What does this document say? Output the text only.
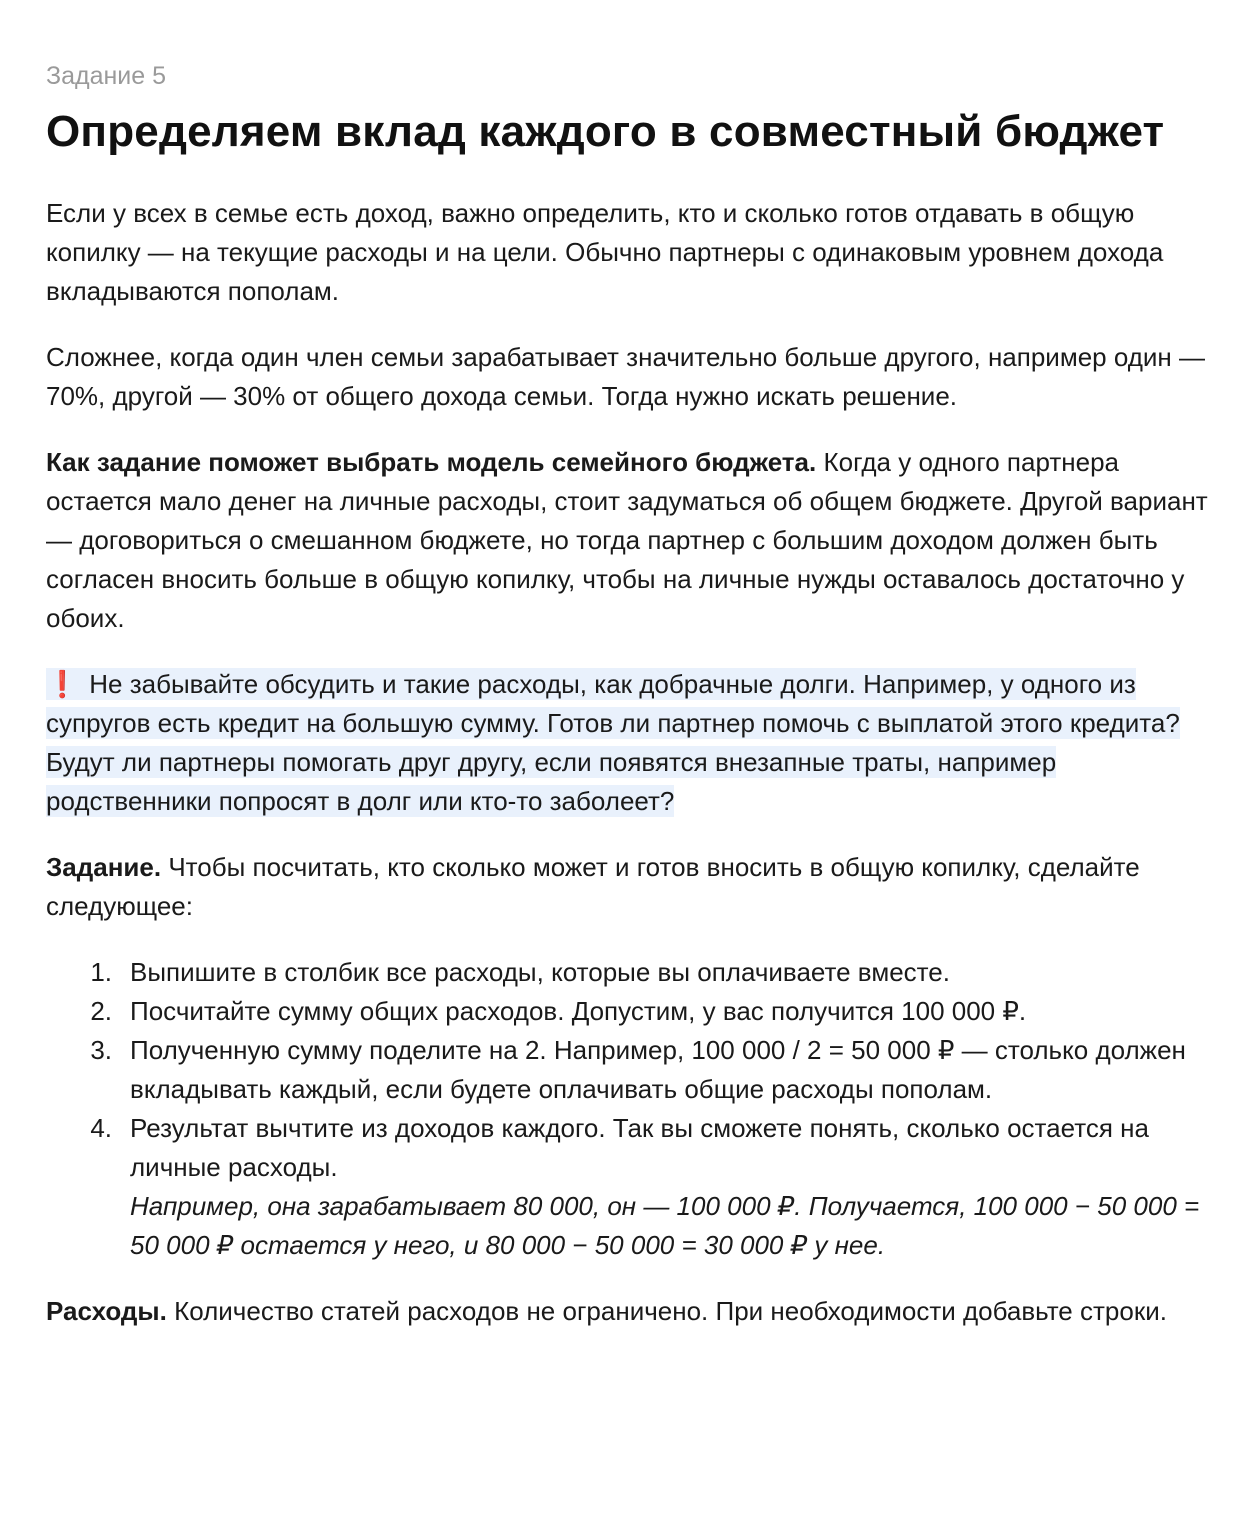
Задание 5
Определяем вклад каждого в совместный бюджет

Если у всех в семье есть доход, важно определить, кто и сколько готов отдавать в общую копилку — на текущие расходы и на цели. Обычно партнеры с одинаковым уровнем дохода вкладываются пополам.

Сложнее, когда один член семьи зарабатывает значительно больше другого, например один — 70%, другой — 30% от общего дохода семьи. Тогда нужно искать решение.

Как задание поможет выбрать модель семейного бюджета. Когда у одного партнера остается мало денег на личные расходы, стоит задуматься об общем бюджете. Другой вариант — договориться о смешанном бюджете, но тогда партнер с большим доходом должен быть согласен вносить больше в общую копилку, чтобы на личные нужды оставалось достаточно у обоих.

❗ Не забывайте обсудить и такие расходы, как добрачные долги. Например, у одного из супругов есть кредит на большую сумму. Готов ли партнер помочь с выплатой этого кредита? Будут ли партнеры помогать друг другу, если появятся внезапные траты, например родственники попросят в долг или кто-то заболеет?

Задание. Чтобы посчитать, кто сколько может и готов вносить в общую копилку, сделайте следующее:

1. Выпишите в столбик все расходы, которые вы оплачиваете вместе.
2. Посчитайте сумму общих расходов. Допустим, у вас получится 100 000 ₽.
3. Полученную сумму поделите на 2. Например, 100 000 / 2 = 50 000 ₽ — столько должен вкладывать каждый, если будете оплачивать общие расходы пополам.
4. Результат вычтите из доходов каждого. Так вы сможете понять, сколько остается на личные расходы.
Например, она зарабатывает 80 000, он — 100 000 ₽. Получается, 100 000 − 50 000 = 50 000 ₽ остается у него, и 80 000 − 50 000 = 30 000 ₽ у нее.

Расходы. Количество статей расходов не ограничено. При необходимости добавьте строки.
